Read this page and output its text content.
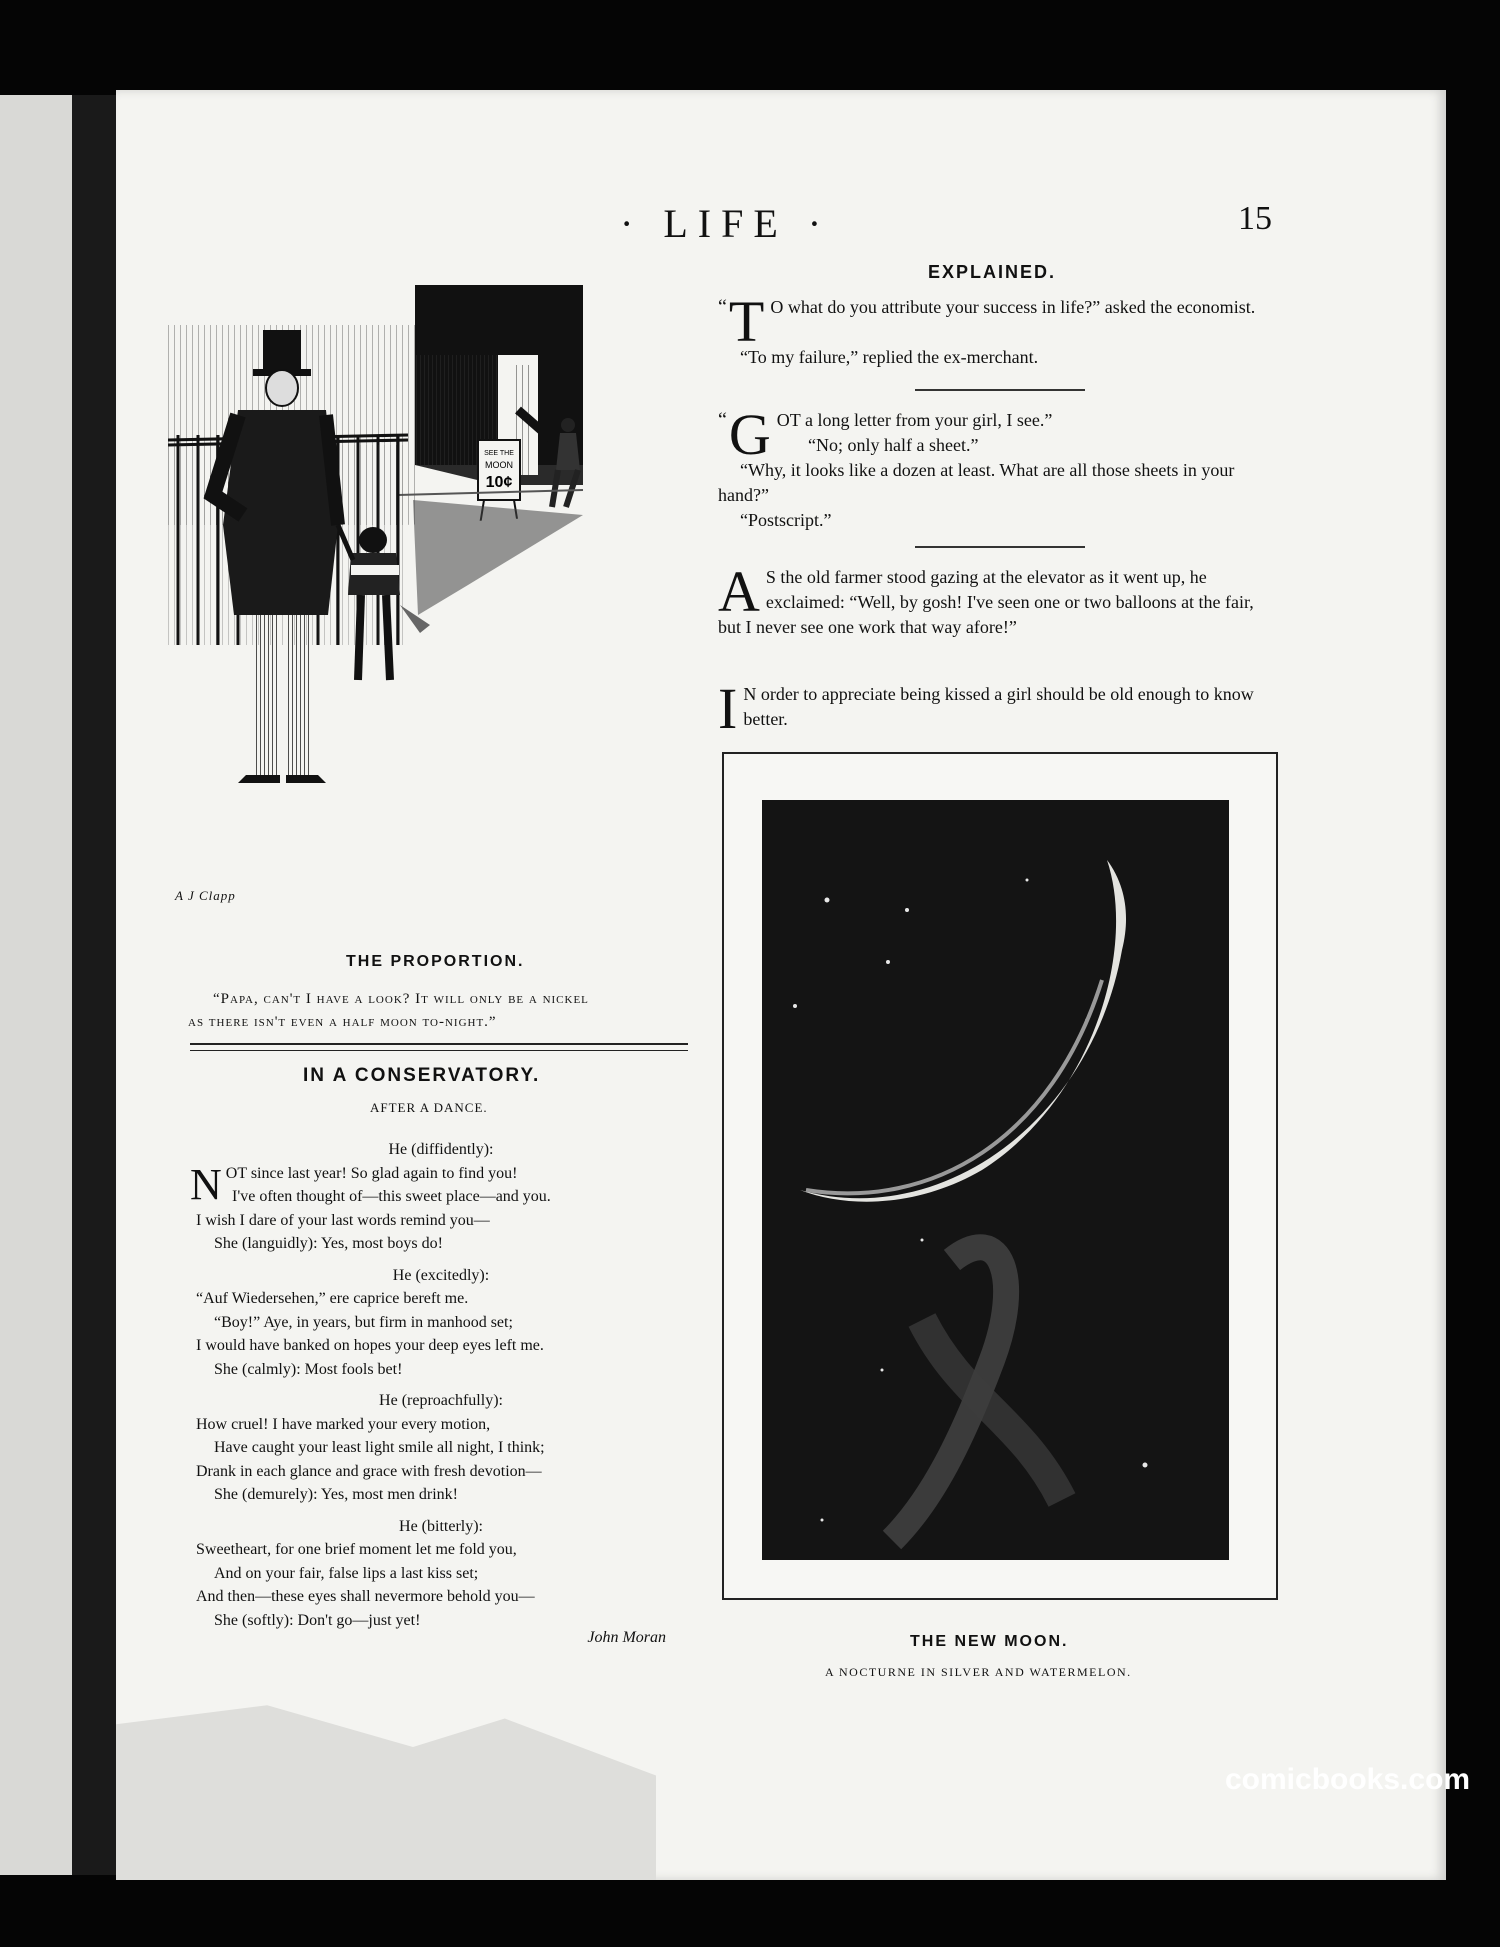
· LIFE ·	15
SEE THE
MOON
10¢
A J Clapp
THE PROPORTION.
“Papa, can't I have a look? It will only be a nickel
as there isn't even a half moon to-night.”
IN A CONSERVATORY.
AFTER A DANCE.
He (diffidently):
NOT since last year! So glad again to find you!
I've often thought of—this sweet place—and you.
I wish I dare of your last words remind you—
She (languidly): Yes, most boys do!
He (excitedly):
“Auf Wiedersehen,” ere caprice bereft me.
“Boy!” Aye, in years, but firm in manhood set;
I would have banked on hopes your deep eyes left me.
She (calmly): Most fools bet!
He (reproachfully):
How cruel! I have marked your every motion,
Have caught your least light smile all night, I think;
Drank in each glance and grace with fresh devotion—
She (demurely): Yes, most men drink!
He (bitterly):
Sweetheart, for one brief moment let me fold you,
And on your fair, false lips a last kiss set;
And then—these eyes shall nevermore behold you—
She (softly): Don't go—just yet!
John Moran
EXPLAINED.

“ T O what do you attribute your success in life?” asked the economist.

“To my failure,” replied the ex-merchant.

“ G OT a long letter from your girl, I see.”

“No; only half a sheet.”

“Why, it looks like a dozen at least. What are all those sheets in your hand?”

“Postscript.”

A S the old farmer stood gazing at the elevator as it went up, he exclaimed: “Well, by gosh! I've seen one or two balloons at the fair, but I never see one work that way afore!”

I N order to appreciate being kissed a girl should be old enough to know better.

THE NEW MOON.
A NOCTURNE IN SILVER AND WATERMELON.
comicbooks.com
